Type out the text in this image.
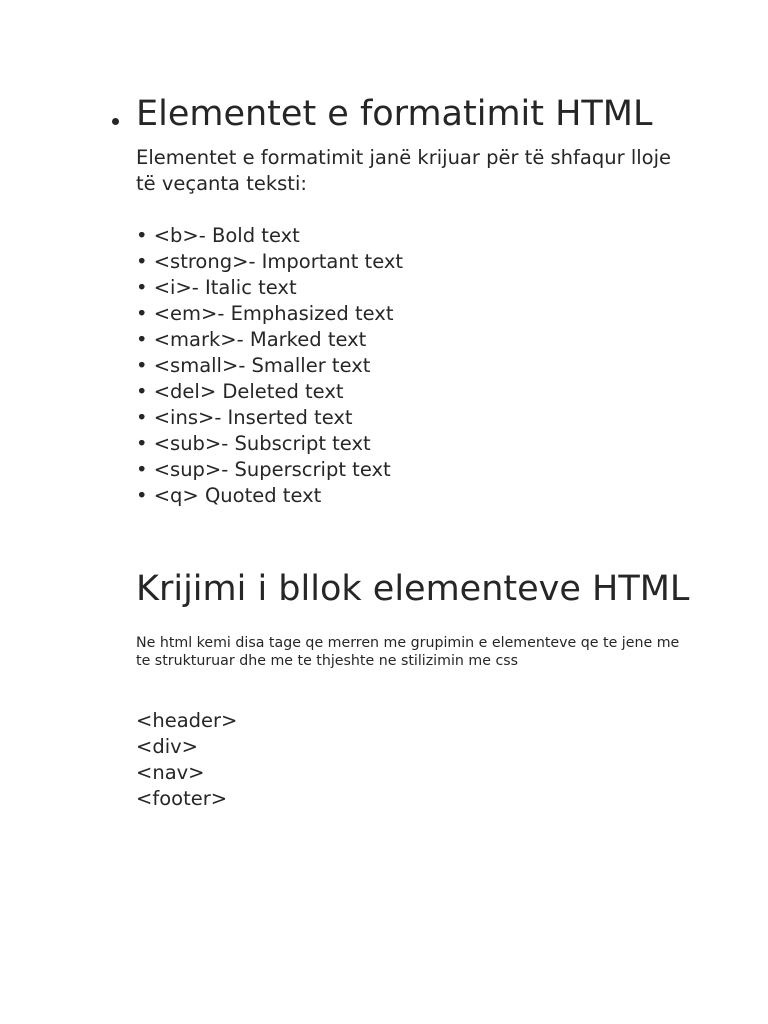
Elementet e formatimit HTML

Elementet e formatimit janë krijuar për të shfaqur lloje të veçanta teksti:

• <b>- Bold text
• <strong>- Important text
• <i>- Italic text
• <em>- Emphasized text
• <mark>- Marked text
• <small>- Smaller text
• <del> Deleted text
• <ins>- Inserted text
• <sub>- Subscript text
• <sup>- Superscript text
• <q> Quoted text
Krijimi i bllok elementeve HTML

Ne html kemi disa tage qe merren me grupimin e elementeve qe te jene me te strukturuar dhe me te thjeshte ne stilizimin me css

<header>
<div>
<nav>
<footer>
